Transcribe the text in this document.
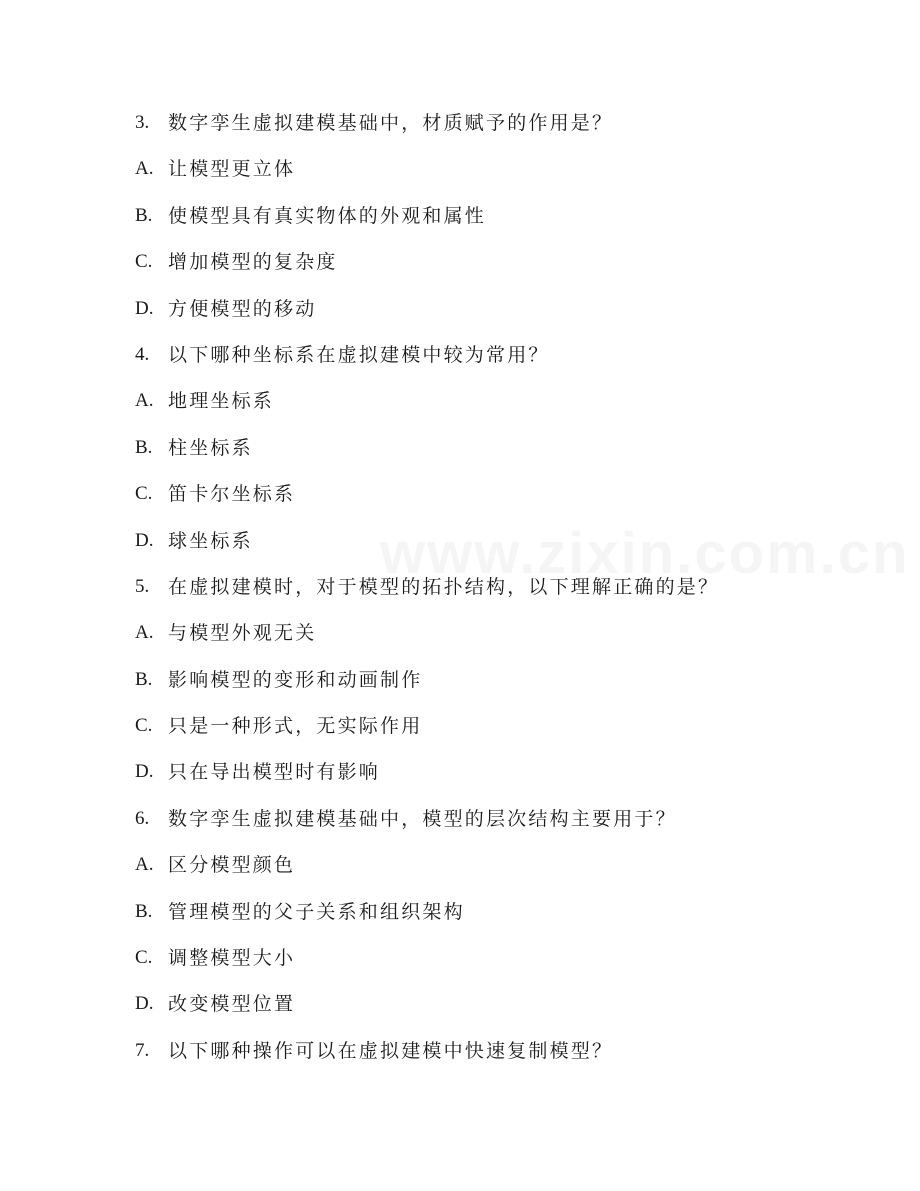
www.zixin.com.cn
3. 数字孪生虚拟建模基础中，材质赋予的作用是？
A. 让模型更立体
B. 使模型具有真实物体的外观和属性
C. 增加模型的复杂度
D. 方便模型的移动
4. 以下哪种坐标系在虚拟建模中较为常用？
A. 地理坐标系
B. 柱坐标系
C. 笛卡尔坐标系
D. 球坐标系
5. 在虚拟建模时，对于模型的拓扑结构，以下理解正确的是？
A. 与模型外观无关
B. 影响模型的变形和动画制作
C. 只是一种形式，无实际作用
D. 只在导出模型时有影响
6. 数字孪生虚拟建模基础中，模型的层次结构主要用于？
A. 区分模型颜色
B. 管理模型的父子关系和组织架构
C. 调整模型大小
D. 改变模型位置
7. 以下哪种操作可以在虚拟建模中快速复制模型？
